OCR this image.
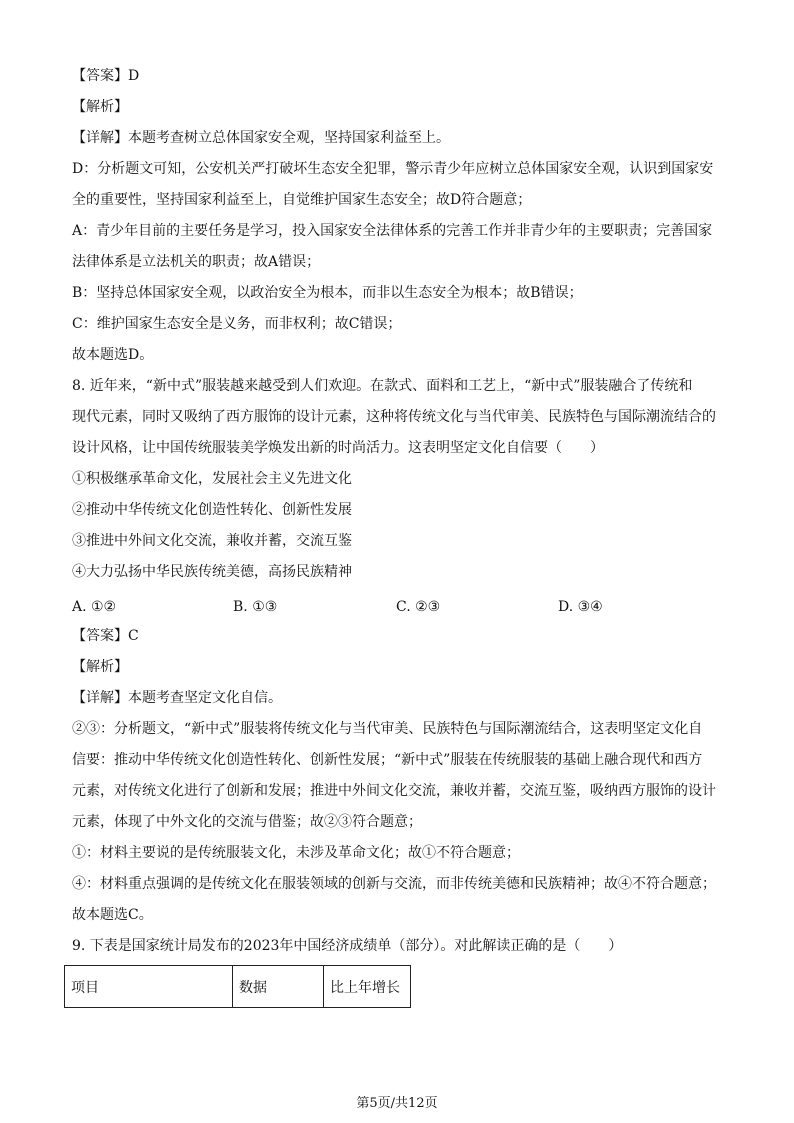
【答案】D
【解析】
【详解】本题考查树立总体国家安全观，坚持国家利益至上。
D：分析题文可知，公安机关严打破坏生态安全犯罪，警示青少年应树立总体国家安全观，认识到国家安
全的重要性，坚持国家利益至上，自觉维护国家生态安全；故D符合题意；
A：青少年目前的主要任务是学习，投入国家安全法律体系的完善工作并非青少年的主要职责；完善国家
法律体系是立法机关的职责；故A错误；
B：坚持总体国家安全观，以政治安全为根本，而非以生态安全为根本；故B错误；
C：维护国家生态安全是义务，而非权利；故C错误；
故本题选D。
8. 近年来，“新中式”服装越来越受到人们欢迎。在款式、面料和工艺上，“新中式”服装融合了传统和
现代元素，同时又吸纳了西方服饰的设计元素，这种将传统文化与当代审美、民族特色与国际潮流结合的
设计风格，让中国传统服装美学焕发出新的时尚活力。这表明坚定文化自信要（　　）
①积极继承革命文化，发展社会主义先进文化
②推动中华传统文化创造性转化、创新性发展
③推进中外间文化交流，兼收并蓄，交流互鉴
④大力弘扬中华民族传统美德，高扬民族精神
A. ①②	B. ①③	C. ②③	D. ③④
【答案】C
【解析】
【详解】本题考查坚定文化自信。
②③：分析题文，“新中式”服装将传统文化与当代审美、民族特色与国际潮流结合，这表明坚定文化自
信要：推动中华传统文化创造性转化、创新性发展；“新中式”服装在传统服装的基础上融合现代和西方
元素，对传统文化进行了创新和发展；推进中外间文化交流，兼收并蓄，交流互鉴，吸纳西方服饰的设计
元素，体现了中外文化的交流与借鉴；故②③符合题意；
①：材料主要说的是传统服装文化，未涉及革命文化；故①不符合题意；
④：材料重点强调的是传统文化在服装领域的创新与交流，而非传统美德和民族精神；故④不符合题意；
故本题选C。
9. 下表是国家统计局发布的2023年中国经济成绩单（部分）。对此解读正确的是（　　）
项目	数据	比上年增长
第5页/共12页
